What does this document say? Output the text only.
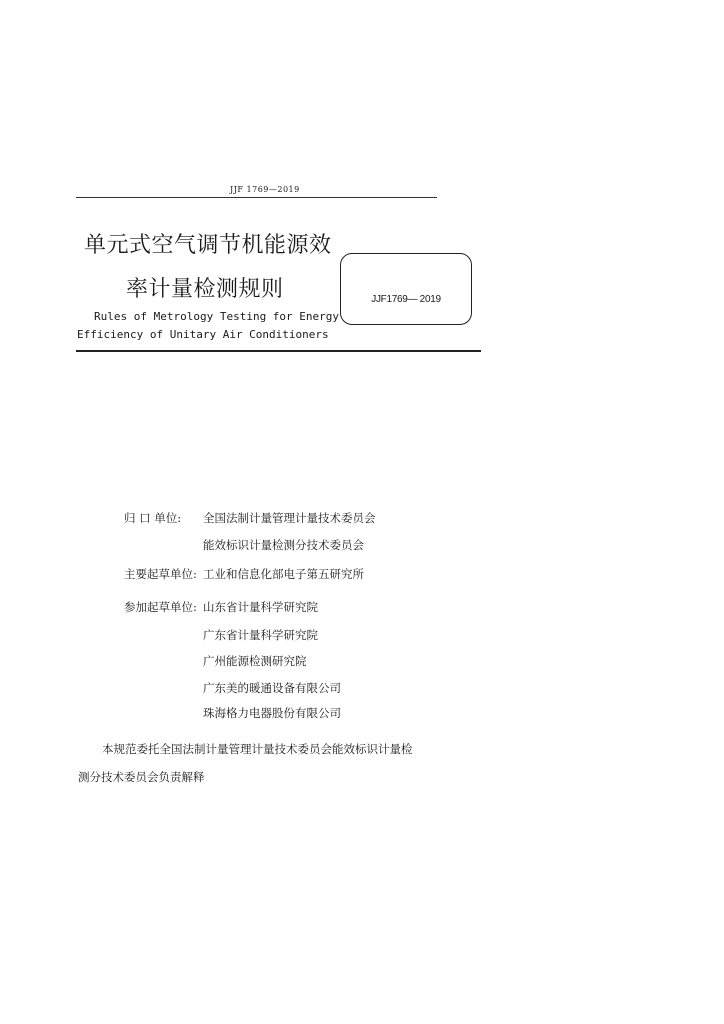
JJF 1769—2019
单元式空气调节机能源效
率计量检测规则	JJF1769— 2019
Rules of Metrology Testing for Energy
Efficiency of Unitary Air Conditioners
归 口 单位: 全国法制计量管理计量技术委员会
能效标识计量检测分技术委员会
主要起草单位: 工业和信息化部电子第五研究所
参加起草单位: 山东省计量科学研究院
广东省计量科学研究院
广州能源检测研究院
广东美的暖通设备有限公司
珠海格力电器股份有限公司
本规范委托全国法制计量管理计量技术委员会能效标识计量检
测分技术委员会负责解释
